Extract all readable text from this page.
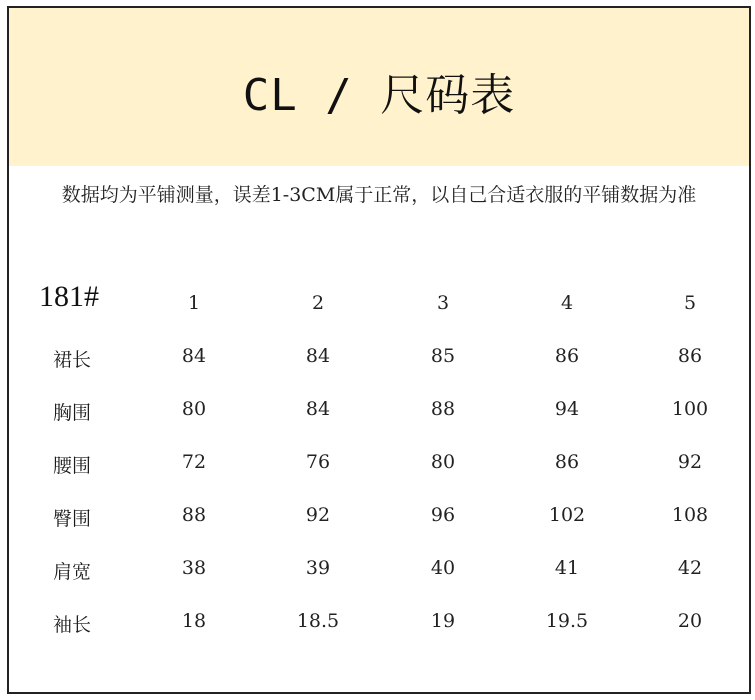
CL / 尺码表
数据均为平铺测量，误差1-3CM属于正常，以自己合适衣服的平铺数据为准
181#	1	2	3	4	5
裙长	84	84	85	86	86
胸围	80	84	88	94	100
腰围	72	76	80	86	92
臀围	88	92	96	102	108
肩宽	38	39	40	41	42
袖长	18	18.5	19	19.5	20
